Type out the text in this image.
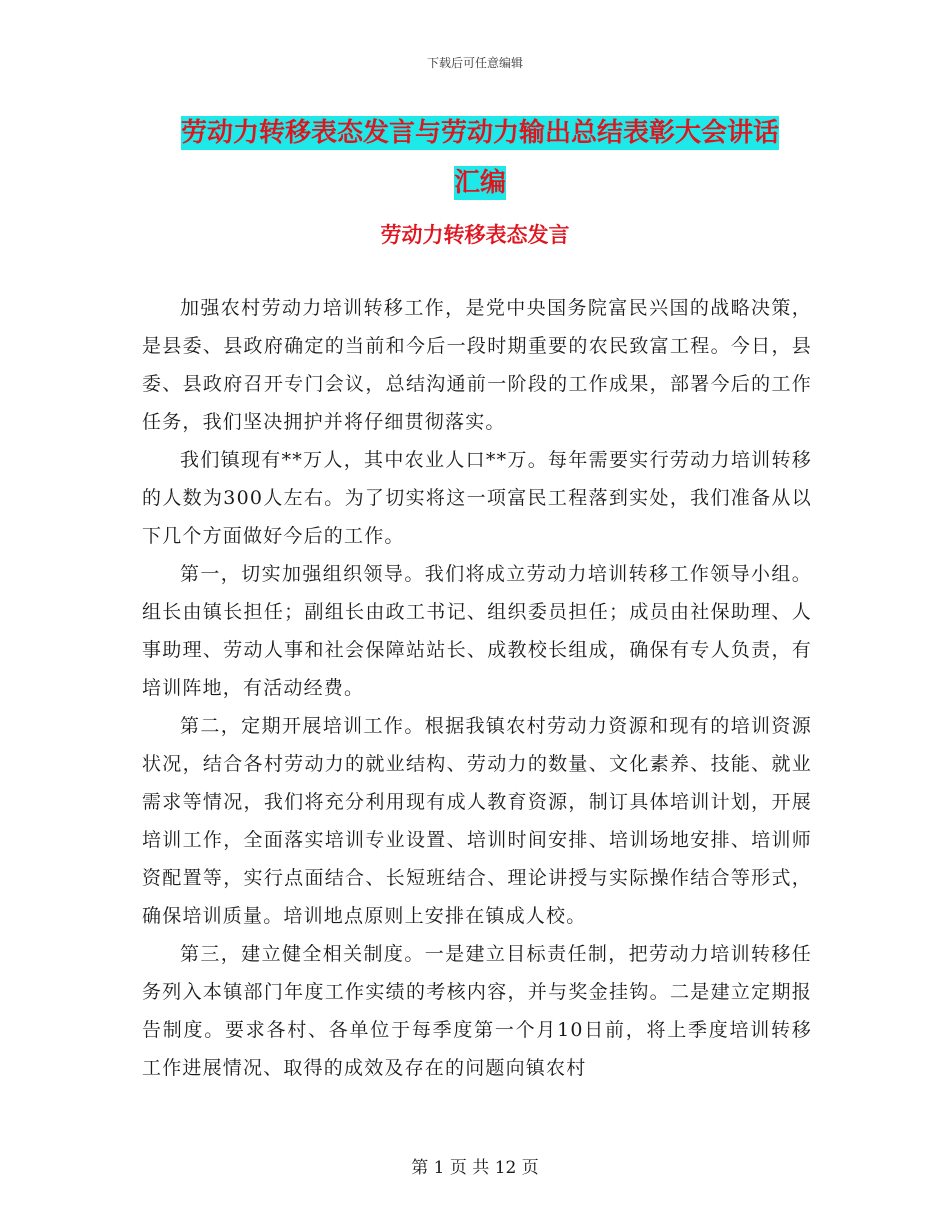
下载后可任意编辑
劳动力转移表态发言与劳动力输出总结表彰大会讲话
汇编
劳动力转移表态发言

加强农村劳动力培训转移工作，是党中央国务院富民兴国的战略决策，是县委、县政府确定的当前和今后一段时期重要的农民致富工程。今日，县委、县政府召开专门会议，总结沟通前一阶段的工作成果，部署今后的工作任务，我们坚决拥护并将仔细贯彻落实。

我们镇现有**万人，其中农业人口**万。每年需要实行劳动力培训转移的人数为300人左右。为了切实将这一项富民工程落到实处，我们准备从以下几个方面做好今后的工作。

第一，切实加强组织领导。我们将成立劳动力培训转移工作领导小组。组长由镇长担任；副组长由政工书记、组织委员担任；成员由社保助理、人事助理、劳动人事和社会保障站站长、成教校长组成，确保有专人负责，有培训阵地，有活动经费。

第二，定期开展培训工作。根据我镇农村劳动力资源和现有的培训资源状况，结合各村劳动力的就业结构、劳动力的数量、文化素养、技能、就业需求等情况，我们将充分利用现有成人教育资源，制订具体培训计划，开展培训工作，全面落实培训专业设置、培训时间安排、培训场地安排、培训师资配置等，实行点面结合、长短班结合、理论讲授与实际操作结合等形式，确保培训质量。培训地点原则上安排在镇成人校。

第三，建立健全相关制度。一是建立目标责任制，把劳动力培训转移任务列入本镇部门年度工作实绩的考核内容，并与奖金挂钩。二是建立定期报告制度。要求各村、各单位于每季度第一个月10日前，将上季度培训转移工作进展情况、取得的成效及存在的问题向镇农村

第 1 页 共 12 页
